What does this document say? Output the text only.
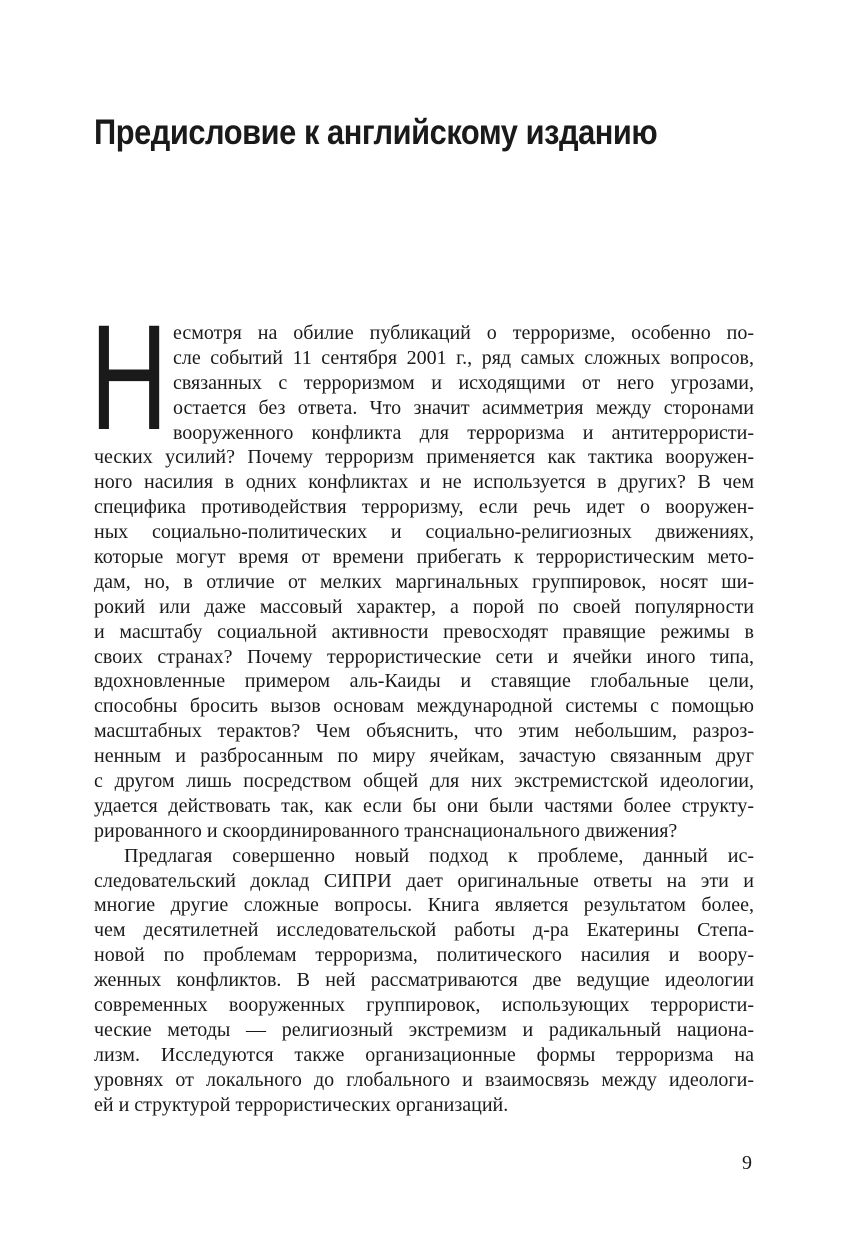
Предисловие к английскому изданию
Н есмотря на обилие публикаций о терроризме, особенно по-
сле событий 11 сентября 2001 г., ряд самых сложных вопросов,
связанных с терроризмом и исходящими от него угрозами,
остается без ответа. Что значит асимметрия между сторонами
вооруженного конфликта для терроризма и антитеррористи-
ческих усилий? Почему терроризм применяется как тактика вооружен-
ного насилия в одних конфликтах и не используется в других? В чем
специфика противодействия терроризму, если речь идет о вооружен-
ных социально-политических и социально-религиозных движениях,
которые могут время от времени прибегать к террористическим мето-
дам, но, в отличие от мелких маргинальных группировок, носят ши-
рокий или даже массовый характер, а порой по своей популярности
и масштабу социальной активности превосходят правящие режимы в
своих странах? Почему террористические сети и ячейки иного типа,
вдохновленные примером аль-Каиды и ставящие глобальные цели,
способны бросить вызов основам международной системы с помощью
масштабных терактов? Чем объяснить, что этим небольшим, разроз-
ненным и разбросанным по миру ячейкам, зачастую связанным друг
с другом лишь посредством общей для них экстремистской идеологии,
удается действовать так, как если бы они были частями более структу-
рированного и скоординированного транснационального движения?
Предлагая совершенно новый подход к проблеме, данный ис-
следовательский доклад СИПРИ дает оригинальные ответы на эти и
многие другие сложные вопросы. Книга является результатом более,
чем десятилетней исследовательской работы д-ра Екатерины Степа-
новой по проблемам терроризма, политического насилия и воору-
женных конфликтов. В ней рассматриваются две ведущие идеологии
современных вооруженных группировок, использующих террористи-
ческие методы — религиозный экстремизм и радикальный национа-
лизм. Исследуются также организационные формы терроризма на
уровнях от локального до глобального и взаимосвязь между идеологи-
ей и структурой террористических организаций.
9
